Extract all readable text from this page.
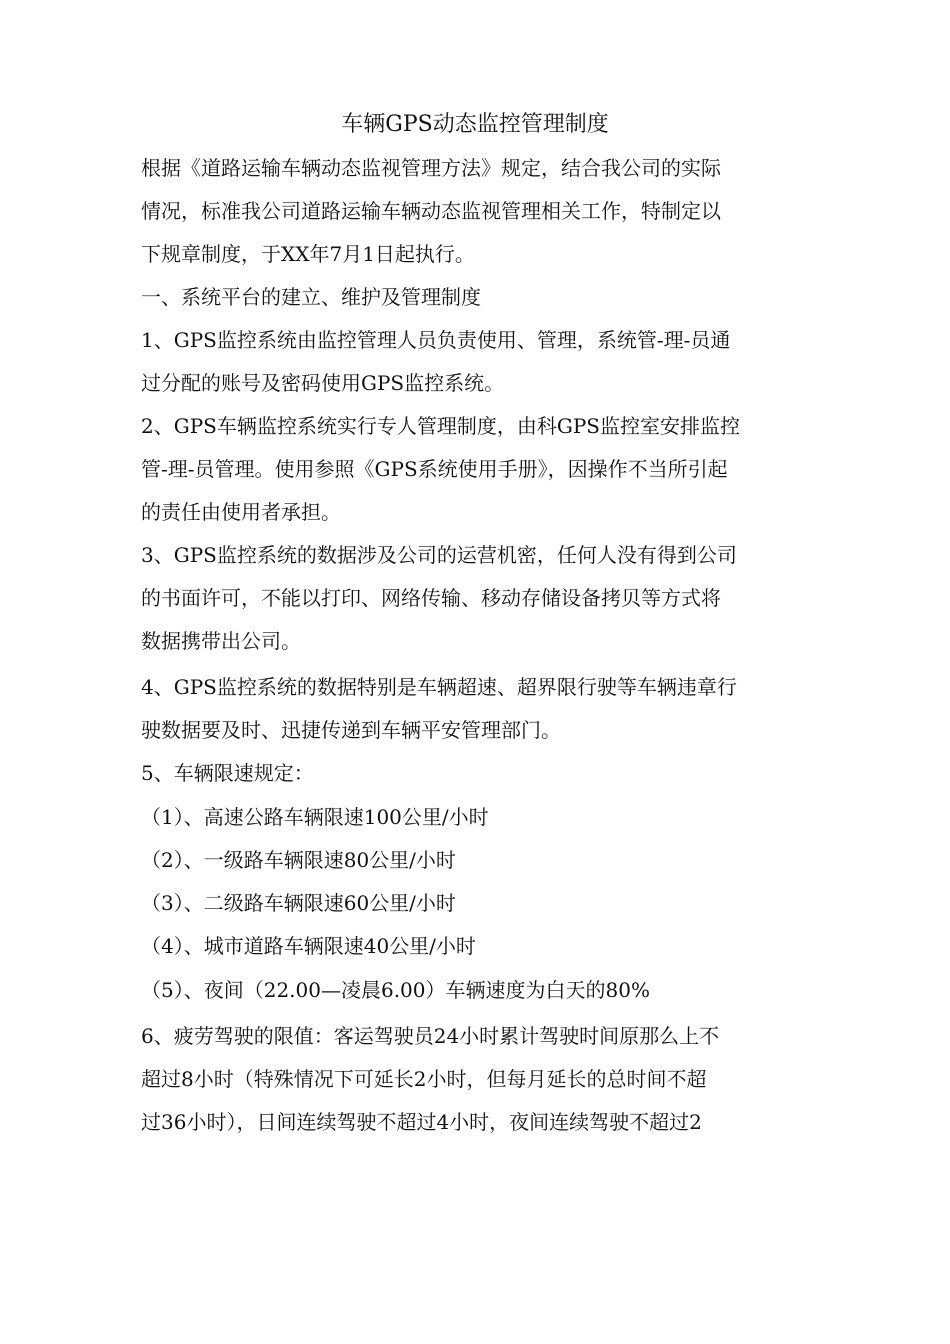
车辆GPS动态监控管理制度
根据《道路运输车辆动态监视管理方法》规定，结合我公司的实际
情况，标准我公司道路运输车辆动态监视管理相关工作，特制定以
下规章制度，于XX年7月1日起执行。
一、系统平台的建立、维护及管理制度
1、GPS监控系统由监控管理人员负责使用、管理，系统管-理-员通
过分配的账号及密码使用GPS监控系统。
2、GPS车辆监控系统实行专人管理制度，由科GPS监控室安排监控
管-理-员管理。使用参照《GPS系统使用手册》，因操作不当所引起
的责任由使用者承担。
3、GPS监控系统的数据涉及公司的运营机密，任何人没有得到公司
的书面许可，不能以打印、网络传输、移动存储设备拷贝等方式将
数据携带出公司。
4、GPS监控系统的数据特别是车辆超速、超界限行驶等车辆违章行
驶数据要及时、迅捷传递到车辆平安管理部门。
5、车辆限速规定：
（1）、高速公路车辆限速100公里/小时
（2）、一级路车辆限速80公里/小时
（3）、二级路车辆限速60公里/小时
（4）、城市道路车辆限速40公里/小时
（5）、夜间（22.00—凌晨6.00）车辆速度为白天的80%
6、疲劳驾驶的限值：客运驾驶员24小时累计驾驶时间原那么上不
超过8小时（特殊情况下可延长2小时，但每月延长的总时间不超
过36小时），日间连续驾驶不超过4小时，夜间连续驾驶不超过2
